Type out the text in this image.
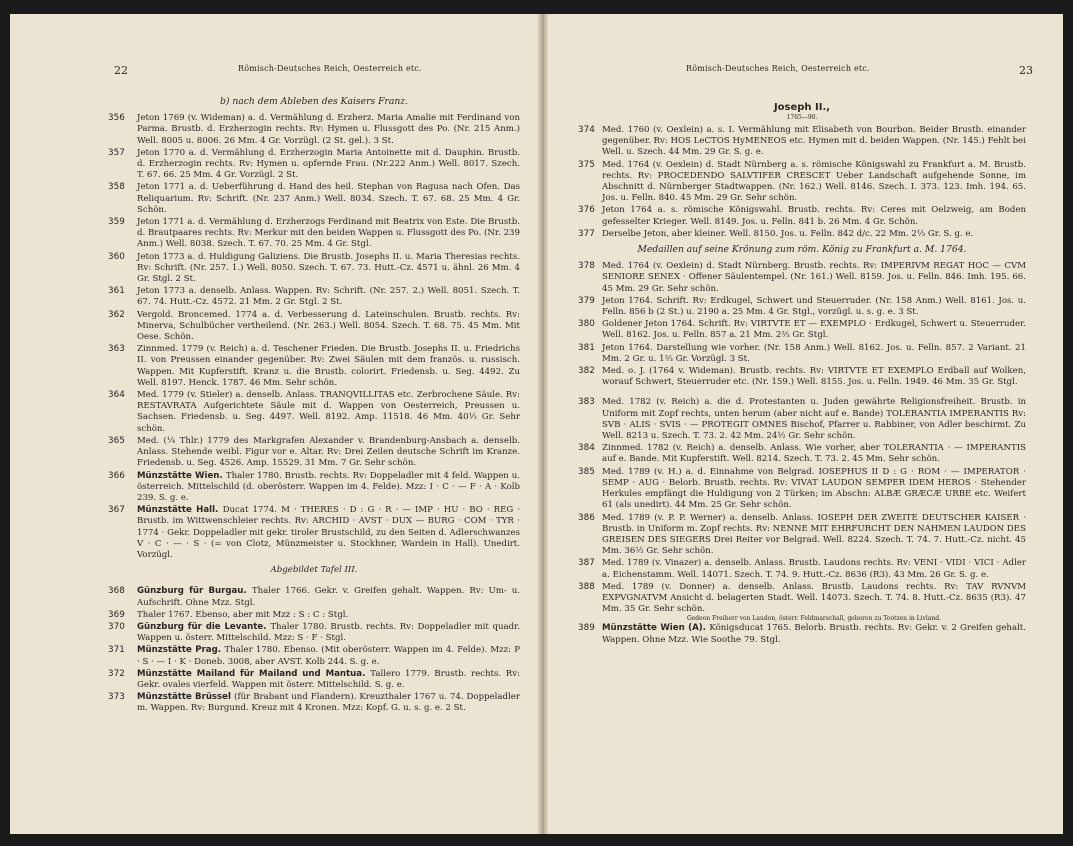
22	Römisch-Deutsches Reich, Oesterreich etc.
b) nach dem Ableben des Kaisers Franz.
356	Jeton 1769 (v. Wideman) a. d. Vermählung d. Erzherz. Maria Amalie mit Ferdinand von Parma. Brustb. d. Erzherzogin rechts. Rv: Hymen u. Flussgott des Po. (Nr. 215 Anm.) Well. 8005 u. 8006. 26 Mm. 4 Gr. Vorzügl. (2 St. gel.). 3 St.
357	Jeton 1770 a. d. Vermählung d. Erzherzogin Maria Antoinette mit d. Dauphin. Brustb. d. Erzherzogin rechts. Rv: Hymen u. opfernde Frau. (Nr.222 Anm.) Well. 8017. Szech. T. 67. 66. 25 Mm. 4 Gr. Vorzügl. 2 St.
358	Jeton 1771 a. d. Ueberführung d. Hand des heil. Stephan von Ragusa nach Ofen. Das Reliquarium. Rv: Schrift. (Nr. 237 Anm.) Well. 8034. Szech. T. 67. 68. 25 Mm. 4 Gr. Schön.
359	Jeton 1771 a. d. Vermählung d. Erzherzogs Ferdinand mit Beatrix von Este. Die Brustb. d. Brautpaares rechts. Rv: Merkur mit den beiden Wappen u. Flussgott des Po. (Nr. 239 Anm.) Well. 8038. Szech. T. 67. 70. 25 Mm. 4 Gr. Stgl.
360	Jeton 1773 a. d. Huldigung Galiziens. Die Brustb. Josephs II. u. Maria Theresias rechts. Rv: Schrift. (Nr. 257. 1.) Well. 8050. Szech. T. 67. 73. Hutt.-Cz. 4571 u. ähnl. 26 Mm. 4 Gr. Stgl. 2 St.
361	Jeton 1773 a. denselb. Anlass. Wappen. Rv: Schrift. (Nr. 257. 2.) Well. 8051. Szech. T. 67. 74. Hutt.-Cz. 4572. 21 Mm. 2 Gr. Stgl. 2 St.
362	Vergold. Broncemed. 1774 a. d. Verbesserung d. Lateinschulen. Brustb. rechts. Rv: Minerva, Schulbücher vertheilend. (Nr. 263.) Well. 8054. Szech. T. 68. 75. 45 Mm. Mit Oese. Schön.
363	Zinnmed. 1779 (v. Reich) a. d. Teschener Frieden. Die Brustb. Josephs II. u. Friedrichs II. von Preussen einander gegenüber. Rv: Zwei Säulen mit dem französ. u. russisch. Wappen. Mit Kupferstift. Kranz u. die Brustb. colorirt. Friedensb. u. Seg. 4492. Zu Well. 8197. Henck. 1787. 46 Mm. Sehr schön.
364	Med. 1779 (v. Stieler) a. denselb. Anlass. TRANQVILLITAS etc. Zerbrochene Säule. Rv: RESTAVRATA Aufgerichtete Säule mit d. Wappen von Oesterreich, Preussen u. Sachsen. Friedensb. u. Seg. 4497. Well. 8192. Amp. 11518. 46 Mm. 40½ Gr. Sehr schön.
365	Med. (¼ Thlr.) 1779 des Markgrafen Alexander v. Brandenburg-Ansbach a. denselb. Anlass. Stehende weibl. Figur vor e. Altar. Rv: Drei Zeilen deutsche Schrift im Kranze. Friedensb. u. Seg. 4526. Amp. 15529. 31 Mm. 7 Gr. Sehr schön.
366	Münzstätte Wien. Thaler 1780. Brustb. rechts. Rv: Doppeladler mit 4 feld. Wappen u. österreich. Mittelschild (d. oberösterr. Wappen im 4. Felde). Mzz: I · C · — F · A · Kolb 239. S. g. e.
367	Münzstätte Hall. Ducat 1774. M · THERES · D : G · R · — IMP · HU · BO · REG · Brustb. im Wittwenschleier rechts. Rv: ARCHID · AVST · DUX — BURG · COM · TYR · 1774 · Gekr. Doppeladler mit gekr. tiroler Brustschild, zu den Seiten d. Adlerschwanzes V · C · — · S · (= von Clotz, Münzmeister u. Stockhner, Wardein in Hall). Unedirt. Vorzügl.
Abgebildet Tafel III.
368	Günzburg für Burgau. Thaler 1766. Gekr. v. Greifen gehalt. Wappen. Rv: Um- u. Aufschrift. Ohne Mzz. Stgl.
369	Thaler 1767. Ebenso, aber mit Mzz : S : C : Stgl.
370	Günzburg für die Levante. Thaler 1780. Brustb. rechts. Rv: Doppeladler mit quadr. Wappen u. österr. Mittelschild. Mzz: S · F · Stgl.
371	Münzstätte Prag. Thaler 1780. Ebenso. (Mit oberösterr. Wappen im 4. Felde). Mzz: P · S · — I · K · Doneb. 3008, aber AVST. Kolb 244. S. g. e.
372	Münzstätte Mailand für Mailand und Mantua. Tallero 1779. Brustb. rechts. Rv: Gekr. ovales vierfeld. Wappen mit österr. Mittelschild. S. g. e.
373	Münzstätte Brüssel (für Brabant und Flandern). Kreuzthaler 1767 u. 74. Doppeladler m. Wappen. Rv: Burgund. Kreuz mit 4 Kronen. Mzz: Kopf. G. u. s. g. e. 2 St.
Römisch-Deutsches Reich, Oesterreich etc.	23
Joseph II.,
1765—90.
374 Med. 1760 (v. Oexlein) a. s. I. Vermählung mit Elisabeth von Bourbon. Beider Brustb. einander gegenüber. Rv: HOS LeCTOS HyMENEOS etc. Hymen mit d. beiden Wappen. (Nr. 145.) Fehlt bei Well. u. Szech. 44 Mm. 29 Gr. S. g. e.
375 Med. 1764 (v. Oexlein) d. Stadt Nürnberg a. s. römische Königswahl zu Frankfurt a. M. Brustb. rechts. Rv: PROCEDENDO SALVTIFER CRESCET Ueber Landschaft aufgehende Sonne, im Abschnitt d. Nürnberger Stadtwappen. (Nr. 162.) Well. 8146. Szech. I. 373. 123. Imh. 194. 65. Jos. u. Felln. 840. 45 Mm. 29 Gr. Sehr schön.
376 Jeton 1764 a. s. römische Königswahl. Brustb. rechts. Rv: Ceres mit Oelzweig, am Boden gefesselter Krieger. Well. 8149. Jos. u. Felln. 841 b. 26 Mm. 4 Gr. Schön.
377 Derselbe Jeton, aber kleiner. Well. 8150. Jos. u. Felln. 842 d/c. 22 Mm. 2⅓ Gr. S. g. e.
Medaillen auf seine Krönung zum röm. König zu Frankfurt a. M. 1764.
378 Med. 1764 (v. Oexlein) d. Stadt Nürnberg. Brustb. rechts. Rv: IMPERIVM REGAT HOC — CVM SENIORE SENEX · Offener Säulentempel. (Nr. 161.) Well. 8159. Jos. u. Felln. 846. Imh. 195. 66. 45 Mm. 29 Gr. Sehr schön.
379 Jeton 1764. Schrift. Rv: Erdkugel, Schwert und Steuerruder. (Nr. 158 Anm.) Well. 8161. Jos. u. Felln. 856 b (2 St.) u. 2190 a. 25 Mm. 4 Gr. Stgl., vorzügl. u. s. g. e. 3 St.
380 Goldener Jeton 1764. Schrift. Rv: VIRTVTE ET — EXEMPLO · Erdkugel, Schwert u. Steuerruder. Well. 8162. Jos. u. Felln. 857 a. 21 Mm. 2⅔ Gr. Stgl.
381 Jeton 1764. Darstellung wie vorher. (Nr. 158 Anm.) Well. 8162. Jos. u. Felln. 857. 2 Variant. 21 Mm. 2 Gr. u. 1⅔ Gr. Vorzügl. 3 St.
382 Med. o. J. (1764 v. Wideman). Brustb. rechts. Rv: VIRTVTE ET EXEMPLO Erdball auf Wolken, worauf Schwert, Steuerruder etc. (Nr. 159.) Well. 8155. Jos. u. Felln. 1949. 46 Mm. 35 Gr. Stgl.
383 Med. 1782 (v. Reich) a. die d. Protestanten u. Juden gewährte Religionsfreiheit. Brustb. in Uniform mit Zopf rechts, unten herum (aber nicht auf e. Bande) TOLERANTIA IMPERANTIS Rv: SVB · ALIS · SVIS · — PROTEGIT OMNES Bischof, Pfarrer u. Rabbiner, von Adler beschirmt. Zu Well. 8213 u. Szech. T. 73. 2. 42 Mm. 24½ Gr. Sehr schön.
384 Zinnmed. 1782 (v. Reich) a. denselb. Anlass. Wie vorher, aber TOLERANTIA · — IMPERANTIS auf e. Bande. Mit Kupferstift. Well. 8214. Szech. T. 73. 2. 45 Mm. Sehr schön.
385 Med. 1789 (v. H.) a. d. Einnahme von Belgrad. IOSEPHUS II D : G · ROM · — IMPERATOR · SEMP · AUG · Belorb. Brustb. rechts. Rv: VIVAT LAUDON SEMPER IDEM HEROS · Stehender Herkules empfängt die Huldigung von 2 Türken; im Abschn: ALBÆ GRÆCÆ URBE etc. Weifert 61 (als unedirt). 44 Mm. 25 Gr. Sehr schön.
386 Med. 1789 (v. P. P. Werner) a. denselb. Anlass. IOSEPH DER ZWEITE DEUTSCHER KAISER · Brustb. in Uniform m. Zopf rechts. Rv: NENNE MIT EHRFURCHT DEN NAHMEN LAUDON DES GREISEN DES SIEGERS Drei Reiter vor Belgrad. Well. 8224. Szech. T. 74. 7. Hutt.-Cz. nicht. 45 Mm. 36½ Gr. Sehr schön.
387 Med. 1789 (v. Vinazer) a. denselb. Anlass. Brustb. Laudons rechts. Rv: VENI · VIDI · VICI · Adler a. Eichenstamm. Well. 14071. Szech. T. 74. 9. Hutt.-Cz. 8636 (R3). 43 Mm. 26 Gr. S. g. e.
388 Med. 1789 (v. Donner) a. denselb. Anlass. Brustb. Laudons rechts. Rv: TAV RVNVM EXPVGNATVM Ansicht d. belagerten Stadt. Well. 14073. Szech. T. 74. 8. Hutt.-Cz. 8635 (R3). 47 Mm. 35 Gr. Sehr schön.
Gedeon Freiherr von Laudon, österr. Feldmarschall, geboren zu Tootzen in Livland.
389 Münzstätte Wien (A). Königsducat 1765. Belorb. Brustb. rechts. Rv: Gekr. v. 2 Greifen gehalt. Wappen. Ohne Mzz. Wie Soothe 79. Stgl.
